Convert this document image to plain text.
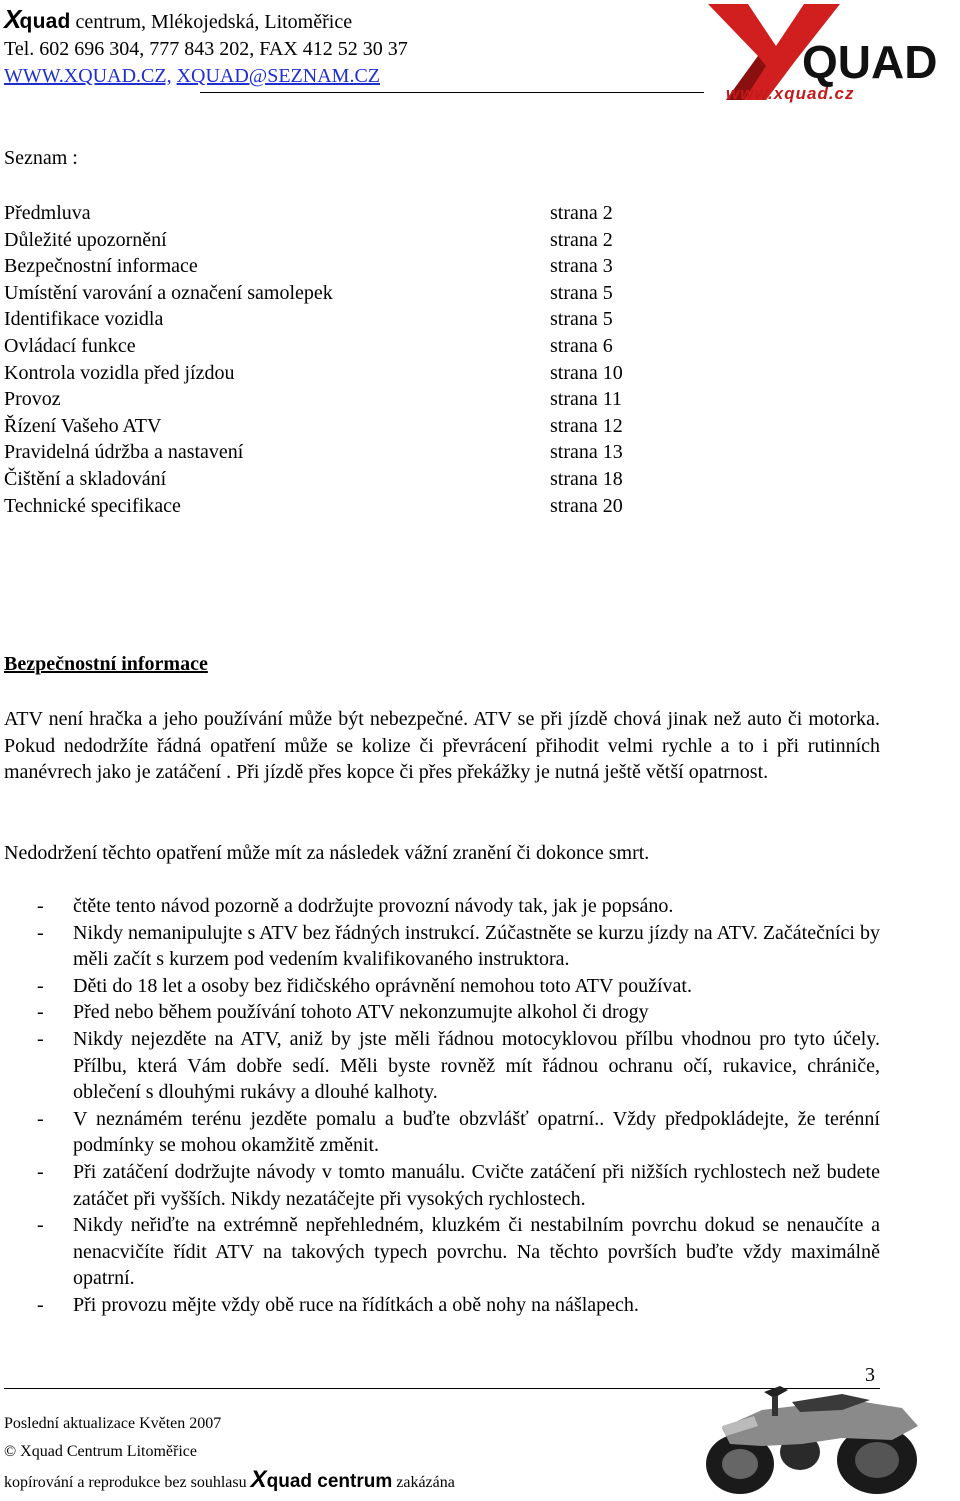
Xquad centrum, Mlékojedská, Litoměřice
Tel. 602 696 304, 777 843 202, FAX 412 52 30 37
WWW.XQUAD.CZ, XQUAD@SEZNAM.CZ	QUAD
www.xquad.cz
Seznam :
Předmluva	strana 2
Důležité upozornění	strana 2
Bezpečnostní informace	strana 3
Umístění varování a označení samolepek	strana 5
Identifikace vozidla	strana 5
Ovládací funkce	strana 6
Kontrola vozidla před jízdou	strana 10
Provoz	strana 11
Řízení Vašeho ATV	strana 12
Pravidelná údržba a nastavení	strana 13
Čištění a skladování	strana 18
Technické specifikace	strana 20
Bezpečnostní informace
ATV není hračka a jeho používání může být nebezpečné. ATV se při jízdě chová jinak než auto či motorka. Pokud nedodržíte řádná opatření může se kolize či převrácení přihodit velmi rychle a to i při rutinních manévrech jako je zatáčení . Při jízdě přes kopce či přes překážky je nutná ještě větší opatrnost.
Nedodržení těchto opatření může mít za následek vážní zranění či dokonce smrt.
- čtěte tento návod pozorně a dodržujte provozní návody tak, jak je popsáno.
- Nikdy nemanipulujte s ATV bez řádných instrukcí. Zúčastněte se kurzu jízdy na ATV. Začátečníci by měli začít s kurzem pod vedením kvalifikovaného instruktora.
- Děti do 18 let a osoby bez řidičského oprávnění nemohou toto ATV používat.
- Před nebo během používání tohoto ATV nekonzumujte alkohol či drogy
- Nikdy nejezděte na ATV, aniž by jste měli řádnou motocyklovou přílbu vhodnou pro tyto účely. Přílbu, která Vám dobře sedí. Měli byste rovněž mít řádnou ochranu očí, rukavice, chrániče, oblečení s dlouhými rukávy a dlouhé kalhoty.
- V neznámém terénu jezděte pomalu a buďte obzvlášť opatrní.. Vždy předpokládejte, že terénní podmínky se mohou okamžitě změnit.
- Při zatáčení dodržujte návody v tomto manuálu. Cvičte zatáčení při nižších rychlostech než budete zatáčet při vyšších. Nikdy nezatáčejte při vysokých rychlostech.
- Nikdy neřiďte na extrémně nepřehledném, kluzkém či nestabilním povrchu dokud se nenaučíte a nenacvičíte řídit ATV na takových typech povrchu. Na těchto površích buďte vždy maximálně opatrní.
- Při provozu mějte vždy obě ruce na řídítkách a obě nohy na nášlapech.
3
Poslední aktualizace Květen 2007
© Xquad Centrum Litoměřice
kopírování a reprodukce bez souhlasu Xquad centrum zakázána
